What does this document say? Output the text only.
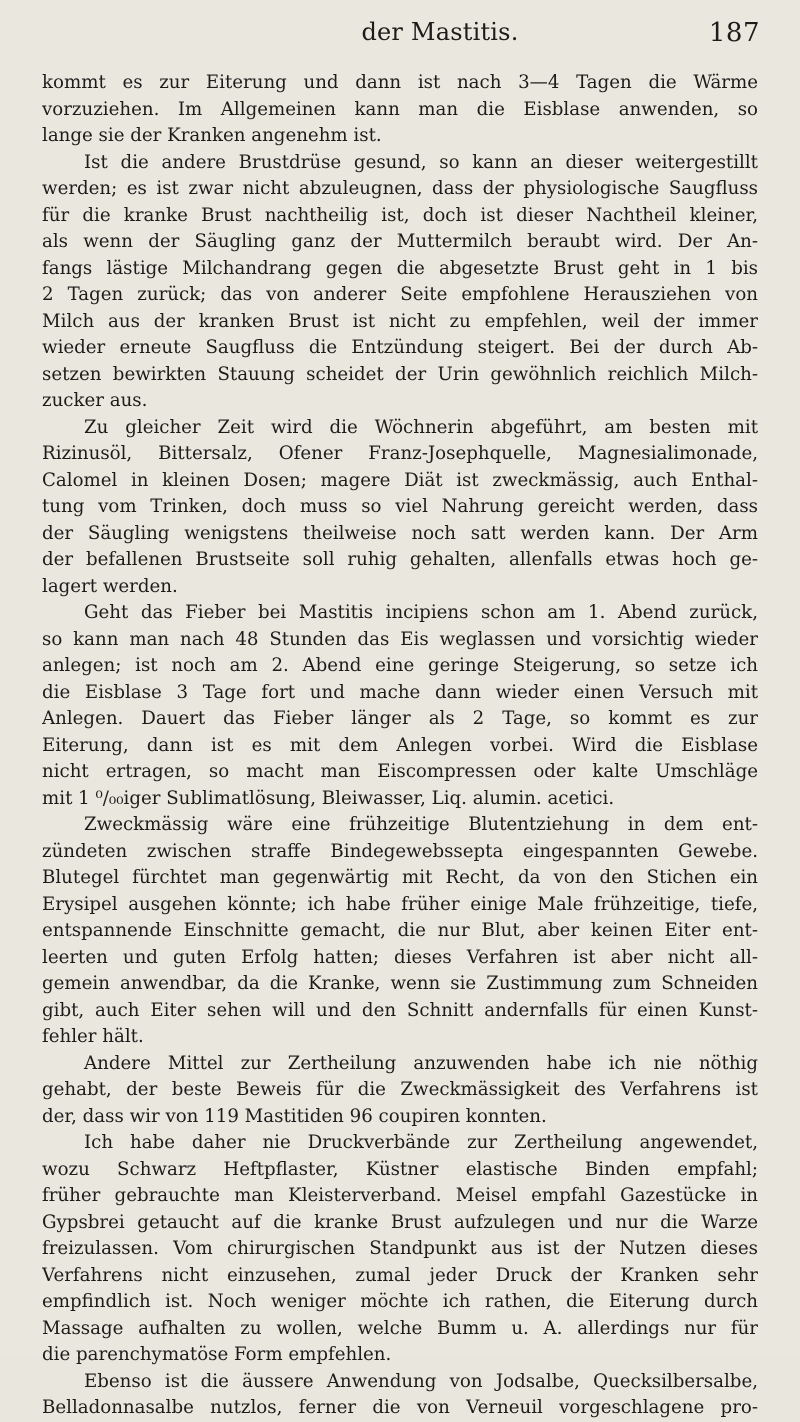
der Mastitis.	187
kommt es zur Eiterung und dann ist nach 3—4 Tagen die Wärme
vorzuziehen. Im Allgemeinen kann man die Eisblase anwenden, so
lange sie der Kranken angenehm ist.
Ist die andere Brustdrüse gesund, so kann an dieser weitergestillt
werden; es ist zwar nicht abzuleugnen, dass der physiologische Saugfluss
für die kranke Brust nachtheilig ist, doch ist dieser Nachtheil kleiner,
als wenn der Säugling ganz der Muttermilch beraubt wird. Der An-
fangs lästige Milchandrang gegen die abgesetzte Brust geht in 1 bis
2 Tagen zurück; das von anderer Seite empfohlene Herausziehen von
Milch aus der kranken Brust ist nicht zu empfehlen, weil der immer
wieder erneute Saugfluss die Entzündung steigert. Bei der durch Ab-
setzen bewirkten Stauung scheidet der Urin gewöhnlich reichlich Milch-
zucker aus.
Zu gleicher Zeit wird die Wöchnerin abgeführt, am besten mit
Rizinusöl, Bittersalz, Ofener Franz-Josephquelle, Magnesialimonade,
Calomel in kleinen Dosen; magere Diät ist zweckmässig, auch Enthal-
tung vom Trinken, doch muss so viel Nahrung gereicht werden, dass
der Säugling wenigstens theilweise noch satt werden kann. Der Arm
der befallenen Brustseite soll ruhig gehalten, allenfalls etwas hoch ge-
lagert werden.
Geht das Fieber bei Mastitis incipiens schon am 1. Abend zurück,
so kann man nach 48 Stunden das Eis weglassen und vorsichtig wieder
anlegen; ist noch am 2. Abend eine geringe Steigerung, so setze ich
die Eisblase 3 Tage fort und mache dann wieder einen Versuch mit
Anlegen. Dauert das Fieber länger als 2 Tage, so kommt es zur
Eiterung, dann ist es mit dem Anlegen vorbei. Wird die Eisblase
nicht ertragen, so macht man Eiscompressen oder kalte Umschläge
mit 1 ⁰/₀₀iger Sublimatlösung, Bleiwasser, Liq. alumin. acetici.
Zweckmässig wäre eine frühzeitige Blutentziehung in dem ent-
zündeten zwischen straffe Bindegewebssepta eingespannten Gewebe.
Blutegel fürchtet man gegenwärtig mit Recht, da von den Stichen ein
Erysipel ausgehen könnte; ich habe früher einige Male frühzeitige, tiefe,
entspannende Einschnitte gemacht, die nur Blut, aber keinen Eiter ent-
leerten und guten Erfolg hatten; dieses Verfahren ist aber nicht all-
gemein anwendbar, da die Kranke, wenn sie Zustimmung zum Schneiden
gibt, auch Eiter sehen will und den Schnitt andernfalls für einen Kunst-
fehler hält.
Andere Mittel zur Zertheilung anzuwenden habe ich nie nöthig
gehabt, der beste Beweis für die Zweckmässigkeit des Verfahrens ist
der, dass wir von 119 Mastitiden 96 coupiren konnten.
Ich habe daher nie Druckverbände zur Zertheilung angewendet,
wozu Schwarz Heftpflaster, Küstner elastische Binden empfahl;
früher gebrauchte man Kleisterverband. Meisel empfahl Gazestücke in
Gypsbrei getaucht auf die kranke Brust aufzulegen und nur die Warze
freizulassen. Vom chirurgischen Standpunkt aus ist der Nutzen dieses
Verfahrens nicht einzusehen, zumal jeder Druck der Kranken sehr
empfindlich ist. Noch weniger möchte ich rathen, die Eiterung durch
Massage aufhalten zu wollen, welche Bumm u. A. allerdings nur für
die parenchymatöse Form empfehlen.
Ebenso ist die äussere Anwendung von Jodsalbe, Quecksilbersalbe,
Belladonnasalbe nutzlos, ferner die von Verneuil vorgeschlagene pro-
